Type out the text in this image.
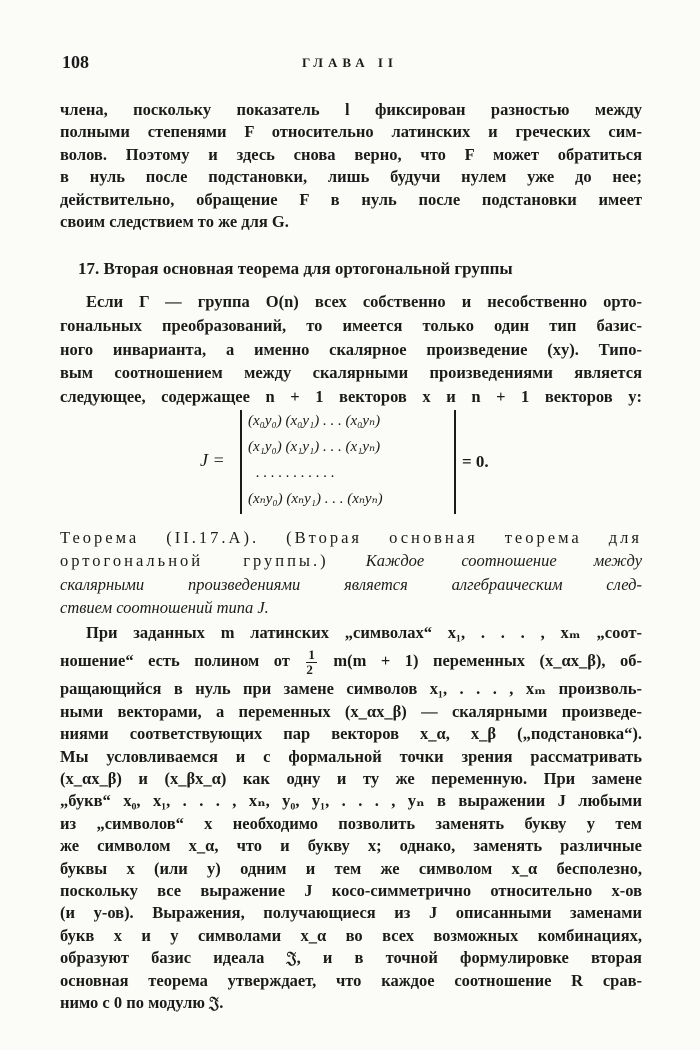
108	ГЛАВА II
члена, поскольку показатель l фиксирован разностью между
полными степенями F относительно латинских и греческих сим-
волов. Поэтому и здесь снова верно, что F может обратиться
в нуль после подстановки, лишь будучи нулем уже до нее;
действительно, обращение F в нуль после подстановки имеет
своим следствием то же для G.
17. Вторая основная теорема для ортогональной группы
Если Γ — группа O(n) всех собственно и несобственно орто-
гональных преобразований, то имеется только один тип базис-
ного инварианта, а именно скалярное произведение (xy). Типо-
вым соотношением между скалярными произведениями является
следующее, содержащее n + 1 векторов x и n + 1 векторов y:
J =
(x₀y₀) (x₀y₁) . . . (x₀yₙ)
(x₁y₀) (x₁y₁) . . . (x₁yₙ)
. . . . . . . . . . .
(xₙy₀) (xₙy₁) . . . (xₙyₙ)
= 0.
Теорема (II.17.A). (Вторая основная теорема для
ортогональной группы.) Каждое соотношение между
скалярными произведениями является алгебраическим след-
ствием соотношений типа J.
При заданных m латинских „символах“ x₁, . . . , xₘ „соот-
ношение“ есть полином от $\frac{1}{2} m(m + 1)$ переменных (x_αx_β), об-
ращающийся в нуль при замене символов x₁, . . . , xₘ произволь-
ными векторами, а переменных (x_αx_β) — скалярными произведе-
ниями соответствующих пар векторов x_α, x_β („подстановка“).
Мы условливаемся и с формальной точки зрения рассматривать
(x_αx_β) и (x_βx_α) как одну и ту же переменную. При замене
„букв“ x₀, x₁, . . . , xₙ, y₀, y₁, . . . , yₙ в выражении J любыми
из „символов“ x необходимо позволить заменять букву y тем
же символом x_α, что и букву x; однако, заменять различные
буквы x (или y) одним и тем же символом x_α бесполезно,
поскольку все выражение J косо-симметрично относительно x-ов
(и y-ов). Выражения, получающиеся из J описанными заменами
букв x и y символами x_α во всех возможных комбинациях,
образуют базис идеала 𝔍, и в точной формулировке вторая
основная теорема утверждает, что каждое соотношение R срав-
нимо с 0 по модулю 𝔍.
